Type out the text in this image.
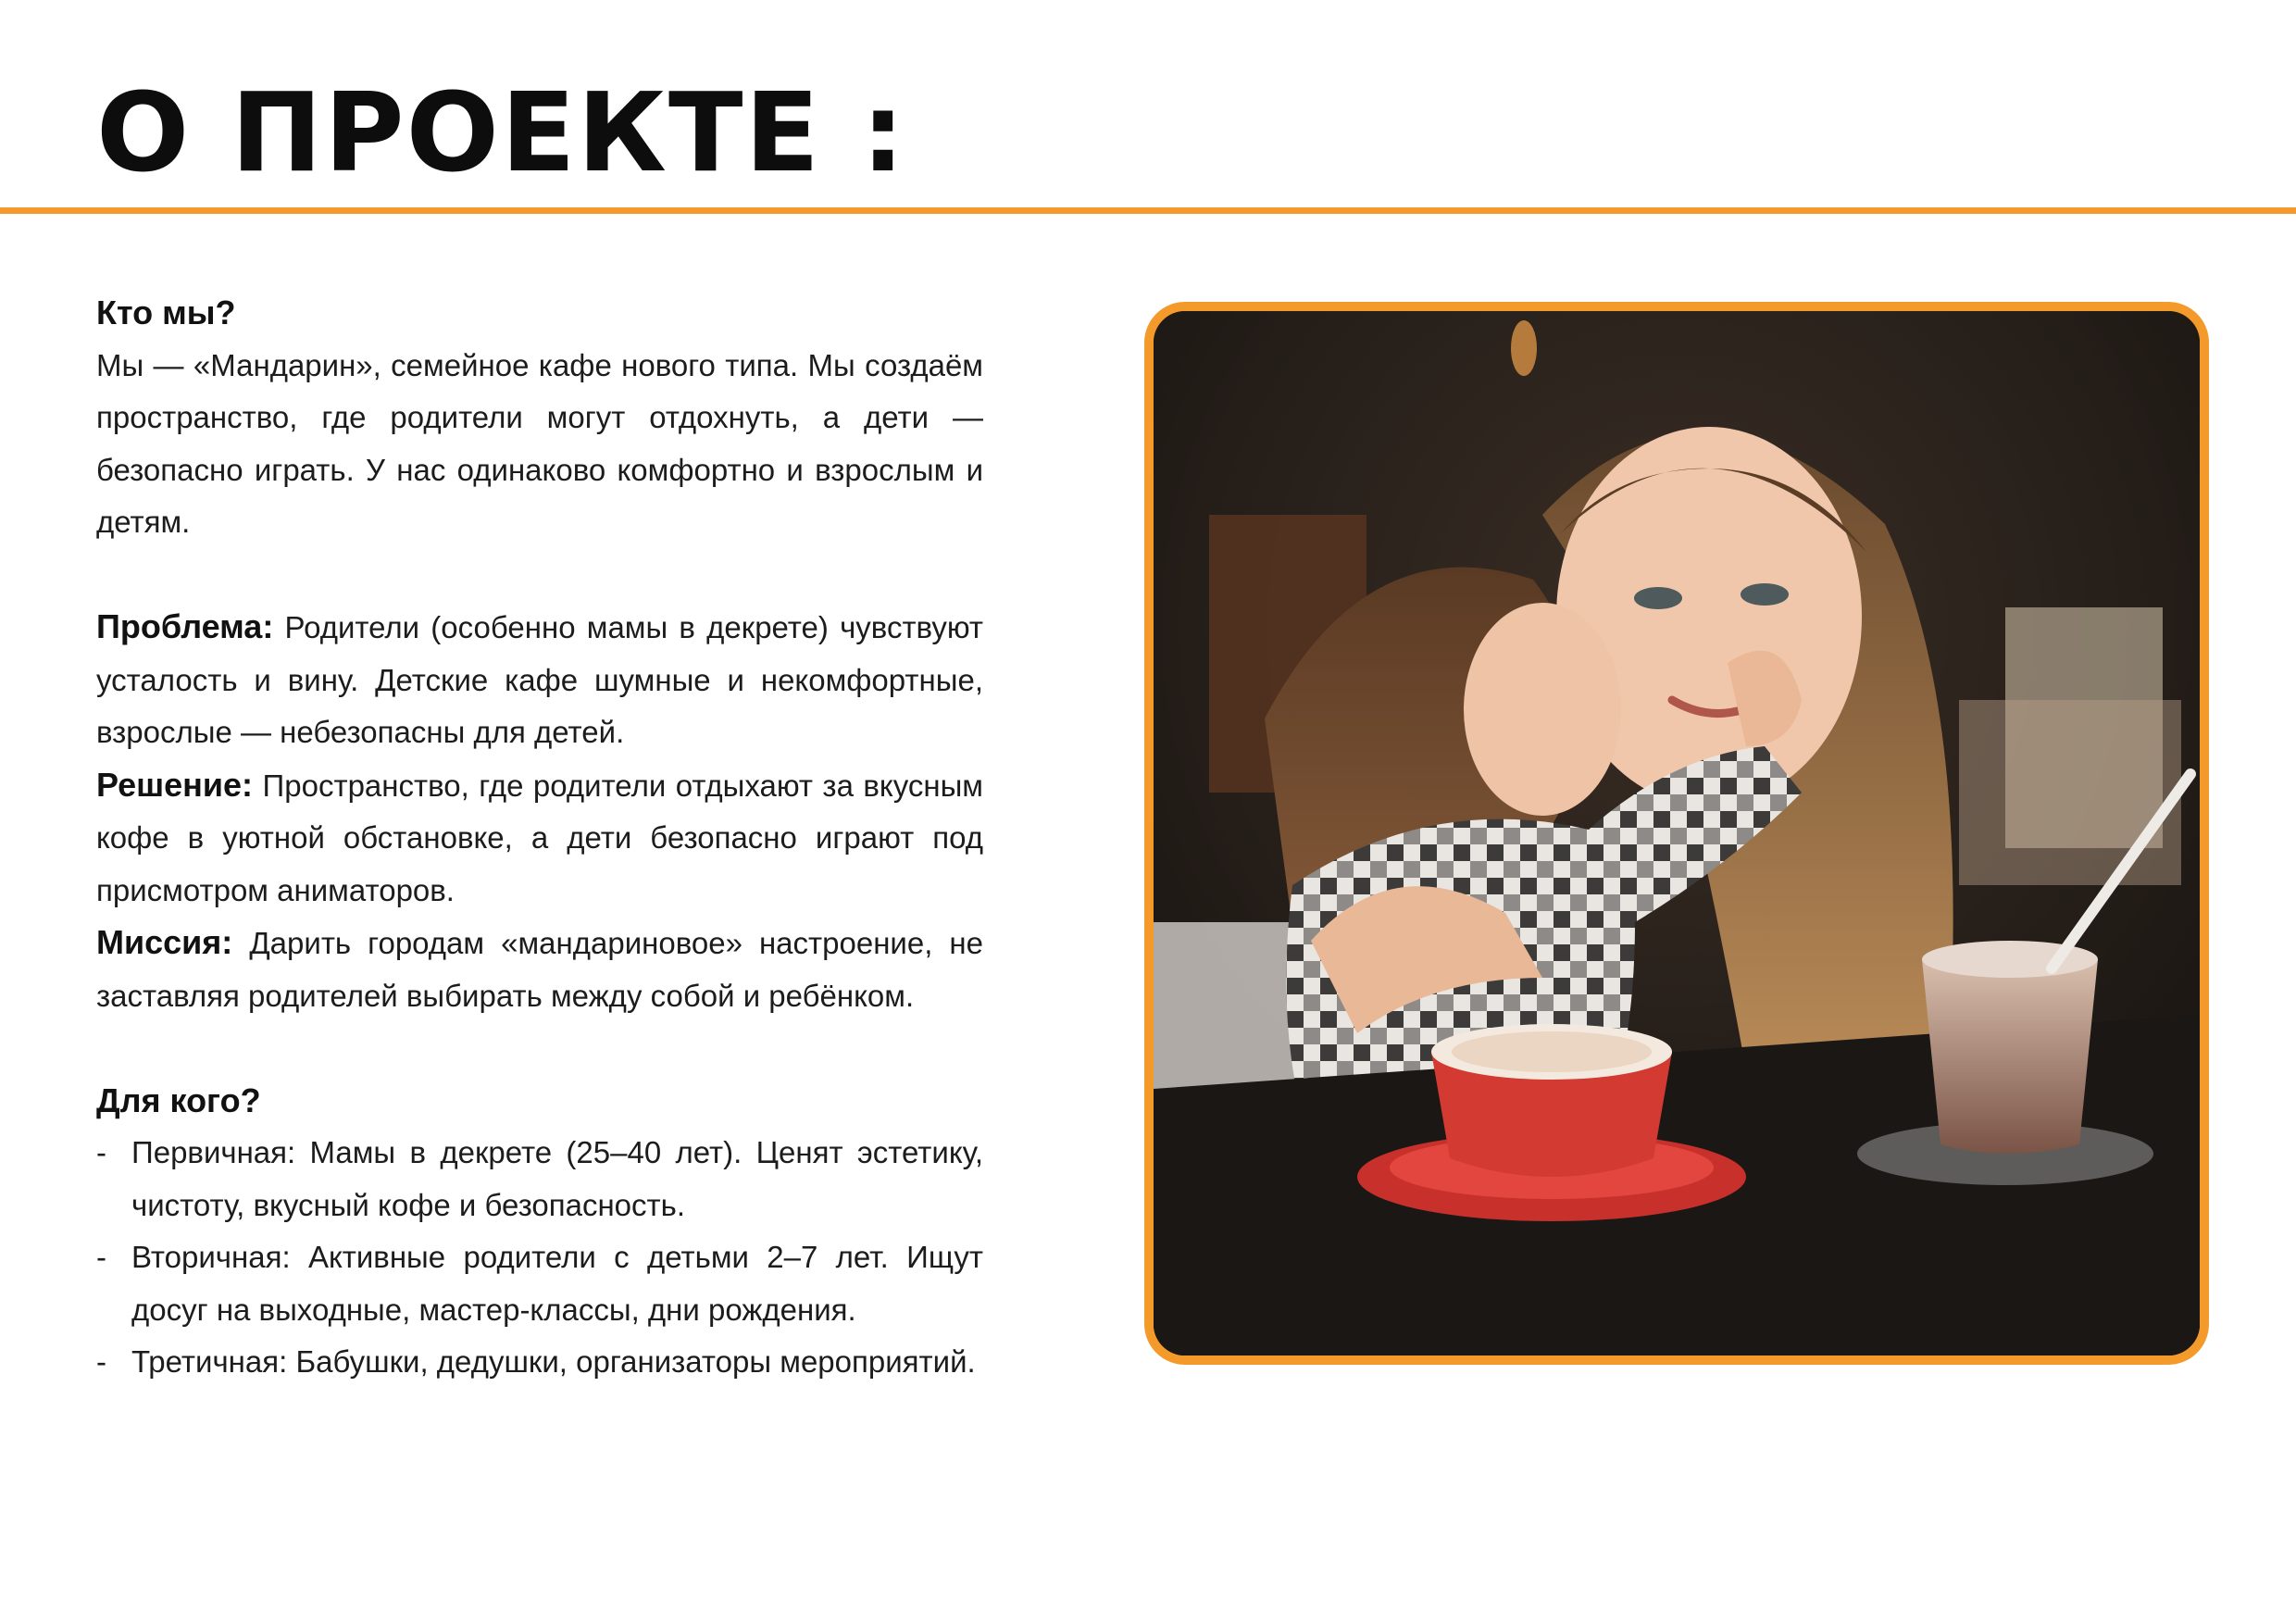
О ПРОЕКТЕ :
Кто мы?

Мы — «Мандарин», семейное кафе нового типа. Мы создаём пространство, где родители могут отдохнуть, а дети — безопасно играть. У нас одинаково комфортно и взрослым и детям.

Проблема: Родители (особенно мамы в декрете) чувствуют усталость и вину. Детские кафе шумные и некомфортные, взрослые — небезопасны для детей.

Решение: Пространство, где родители отдыхают за вкусным кофе в уютной обстановке, а дети безопасно играют под присмотром аниматоров.

Миссия: Дарить городам «мандариновое» настроение, не заставляя родителей выбирать между собой и ребёнком.

Для кого?
- Первичная: Мамы в декрете (25–40 лет). Ценят эстетику, чистоту, вкусный кофе и безопасность.
- Вторичная: Активные родители с детьми 2–7 лет. Ищут досуг на выходные, мастер-классы, дни рождения.
- Третичная: Бабушки, дедушки, организаторы мероприятий.
